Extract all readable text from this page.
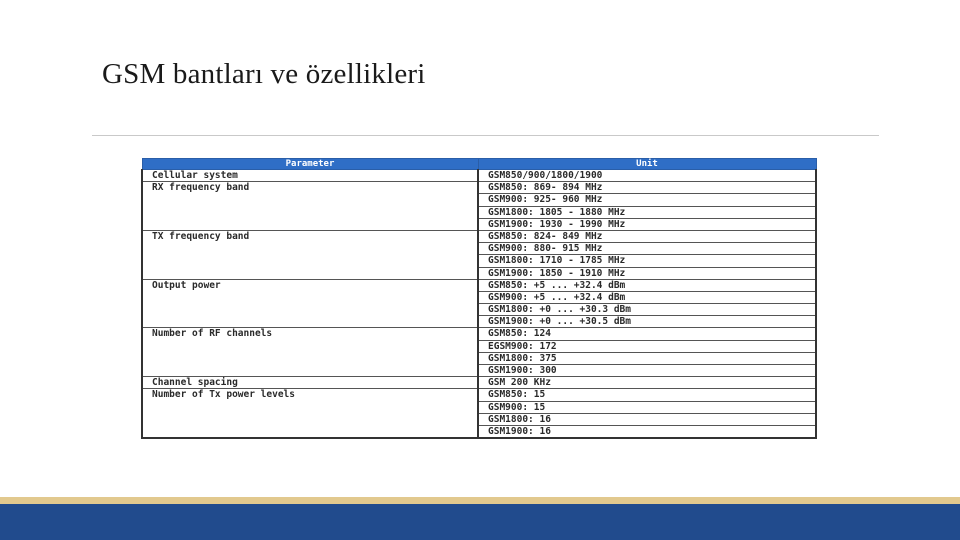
GSM bantları ve özellikleri
Parameter	Unit
Cellular system	GSM850/900/1800/1900
RX frequency band	GSM850: 869- 894 MHz
	GSM900: 925- 960 MHz
	GSM1800: 1805 - 1880 MHz
	GSM1900: 1930 - 1990 MHz
TX frequency band	GSM850: 824- 849 MHz
	GSM900: 880- 915 MHz
	GSM1800: 1710 - 1785 MHz
	GSM1900: 1850 - 1910 MHz
Output power	GSM850: +5 ... +32.4 dBm
	GSM900: +5 ... +32.4 dBm
	GSM1800: +0 ... +30.3 dBm
	GSM1900: +0 ... +30.5 dBm
Number of RF channels	GSM850: 124
	EGSM900: 172
	GSM1800: 375
	GSM1900: 300
Channel spacing	GSM 200 KHz
Number of Tx power levels	GSM850: 15
	GSM900: 15
	GSM1800: 16
	GSM1900: 16
